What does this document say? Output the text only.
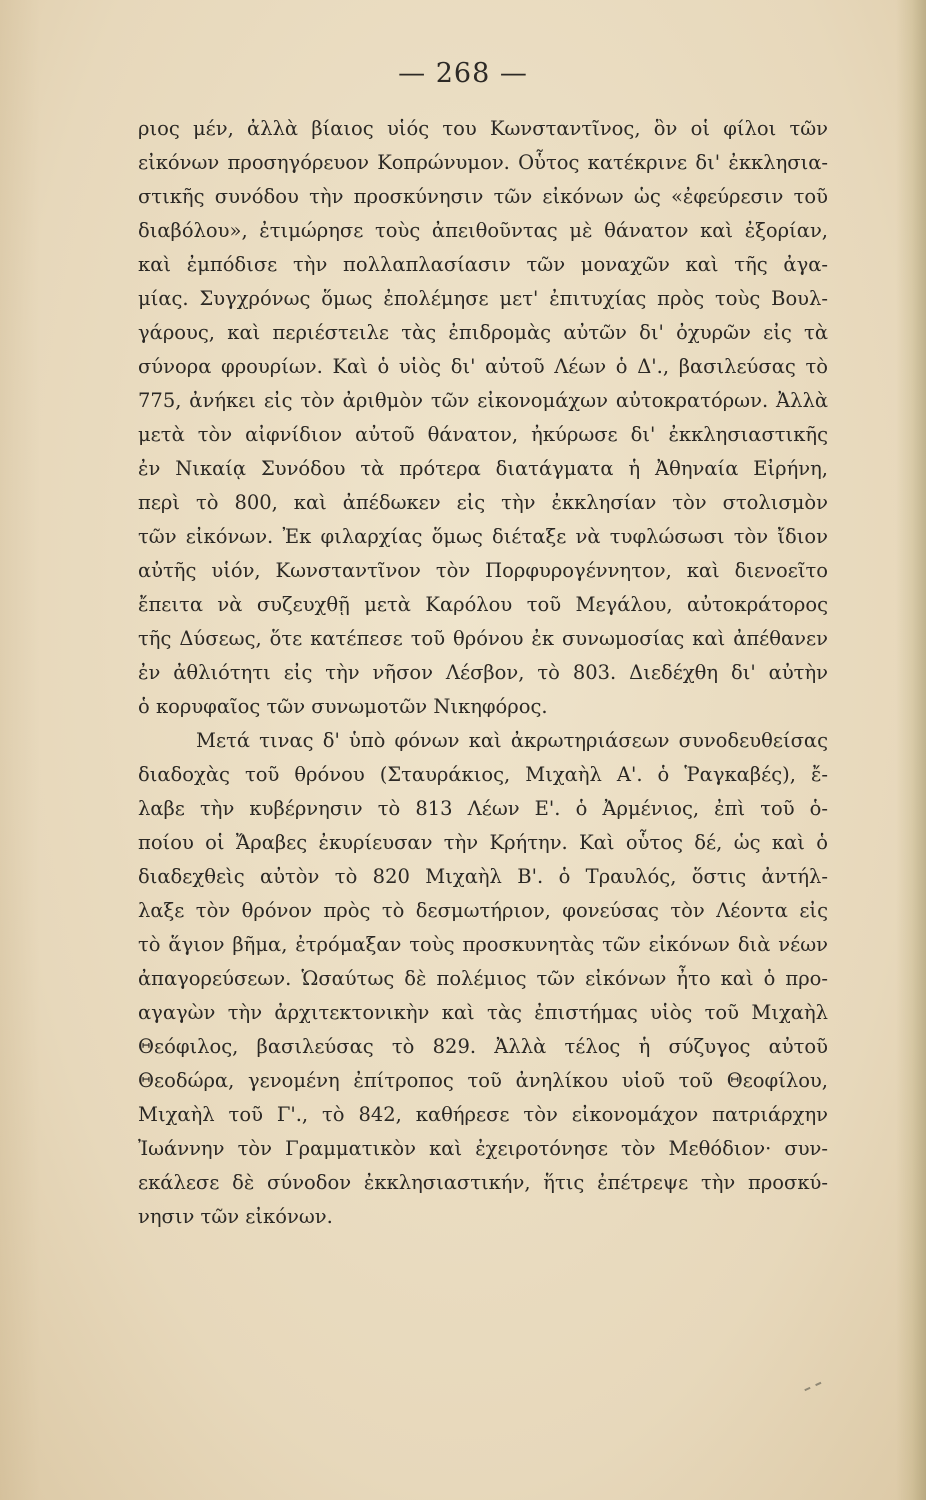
— 268 —
ριος μέν, ἀλλὰ βίαιος υἱός του Κωνσταντῖνος, ὃν οἱ φίλοι τῶν
εἰκόνων προσηγόρευον Κοπρώνυμον. Οὗτος κατέκρινε δι' ἐκκλησια-
στικῆς συνόδου τὴν προσκύνησιν τῶν εἰκόνων ὡς «ἐφεύρεσιν τοῦ
διαβόλου», ἐτιμώρησε τοὺς ἀπειθοῦντας μὲ θάνατον καὶ ἐξορίαν,
καὶ ἐμπόδισε τὴν πολλαπλασίασιν τῶν μοναχῶν καὶ τῆς ἀγα-
μίας. Συγχρόνως ὅμως ἐπολέμησε μετ' ἐπιτυχίας πρὸς τοὺς Βουλ-
γάρους, καὶ περιέστειλε τὰς ἐπιδρομὰς αὐτῶν δι' ὀχυρῶν εἰς τὰ
σύνορα φρουρίων. Καὶ ὁ υἱὸς δι' αὐτοῦ Λέων ὁ Δ'., βασιλεύσας τὸ
775, ἀνήκει εἰς τὸν ἀριθμὸν τῶν εἰκονομάχων αὐτοκρατόρων. Ἀλλὰ
μετὰ τὸν αἰφνίδιον αὐτοῦ θάνατον, ἠκύρωσε δι' ἐκκλησιαστικῆς
ἐν Νικαίᾳ Συνόδου τὰ πρότερα διατάγματα ἡ Ἀθηναία Εἰρήνη,
περὶ τὸ 800, καὶ ἀπέδωκεν εἰς τὴν ἐκκλησίαν τὸν στολισμὸν
τῶν εἰκόνων. Ἐκ φιλαρχίας ὅμως διέταξε νὰ τυφλώσωσι τὸν ἴδιον
αὐτῆς υἱόν, Κωνσταντῖνον τὸν Πορφυρογέννητον, καὶ διενοεῖτο
ἔπειτα νὰ συζευχθῇ μετὰ Καρόλου τοῦ Μεγάλου, αὐτοκράτορος
τῆς Δύσεως, ὅτε κατέπεσε τοῦ θρόνου ἐκ συνωμοσίας καὶ ἀπέθανεν
ἐν ἀθλιότητι εἰς τὴν νῆσον Λέσβον, τὸ 803. Διεδέχθη δι' αὐτὴν
ὁ κορυφαῖος τῶν συνωμοτῶν Νικηφόρος.
Μετά τινας δ' ὑπὸ φόνων καὶ ἀκρωτηριάσεων συνοδευθείσας
διαδοχὰς τοῦ θρόνου (Σταυράκιος, Μιχαὴλ Α'. ὁ Ῥαγκαβές), ἔ-
λαβε τὴν κυβέρνησιν τὸ 813 Λέων Ε'. ὁ Ἀρμένιος, ἐπὶ τοῦ ὁ-
ποίου οἱ Ἄραβες ἐκυρίευσαν τὴν Κρήτην. Καὶ οὗτος δέ, ὡς καὶ ὁ
διαδεχθεὶς αὐτὸν τὸ 820 Μιχαὴλ Β'. ὁ Τραυλός, ὅστις ἀντήλ-
λαξε τὸν θρόνον πρὸς τὸ δεσμωτήριον, φονεύσας τὸν Λέοντα εἰς
τὸ ἅγιον βῆμα, ἐτρόμαξαν τοὺς προσκυνητὰς τῶν εἰκόνων διὰ νέων
ἀπαγορεύσεων. Ὡσαύτως δὲ πολέμιος τῶν εἰκόνων ἦτο καὶ ὁ προ-
αγαγὼν τὴν ἀρχιτεκτονικὴν καὶ τὰς ἐπιστήμας υἱὸς τοῦ Μιχαὴλ
Θεόφιλος, βασιλεύσας τὸ 829. Ἀλλὰ τέλος ἡ σύζυγος αὐτοῦ
Θεοδώρα, γενομένη ἐπίτροπος τοῦ ἀνηλίκου υἱοῦ τοῦ Θεοφίλου,
Μιχαὴλ τοῦ Γ'., τὸ 842, καθήρεσε τὸν εἰκονομάχον πατριάρχην
Ἰωάννην τὸν Γραμματικὸν καὶ ἐχειροτόνησε τὸν Μεθόδιον· συν-
εκάλεσε δὲ σύνοδον ἐκκλησιαστικήν, ἥτις ἐπέτρεψε τὴν προσκύ-
νησιν τῶν εἰκόνων.
